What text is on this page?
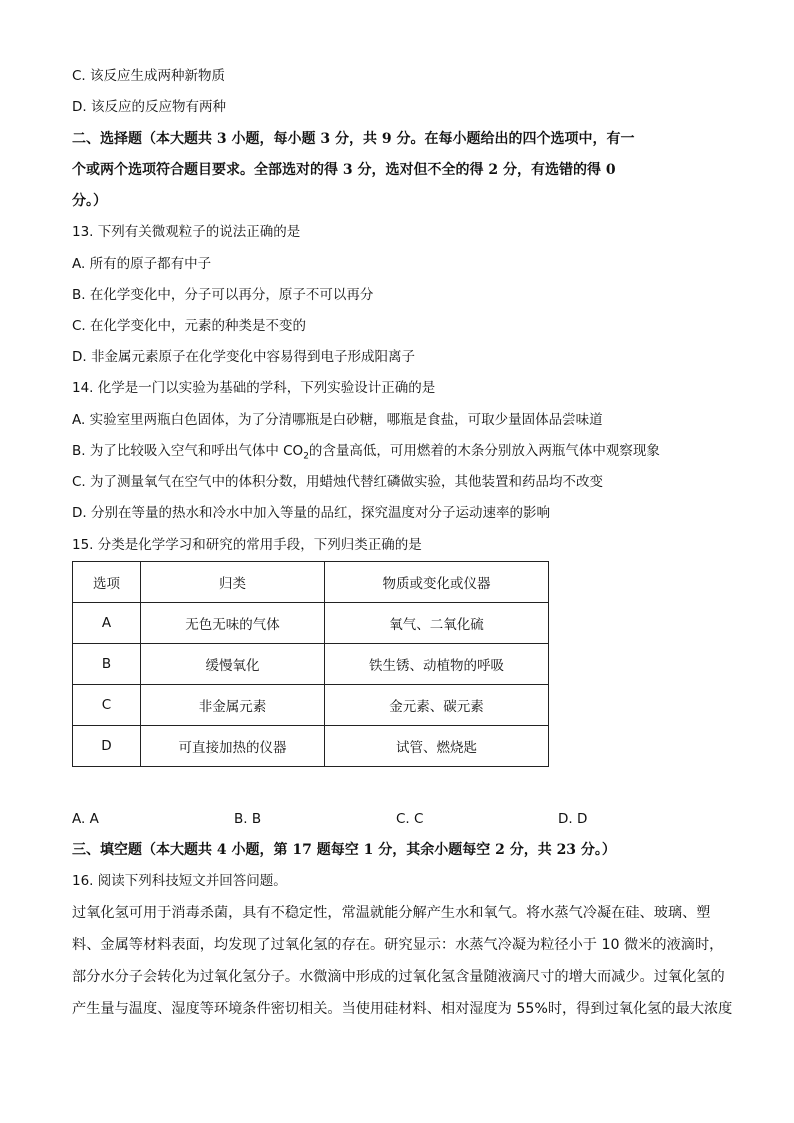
C. 该反应生成两种新物质
D. 该反应的反应物有两种
二、选择题（本大题共 3 小题，每小题 3 分，共 9 分。在每小题给出的四个选项中，有一
个或两个选项符合题目要求。全部选对的得 3 分，选对但不全的得 2 分，有选错的得 0
分。）
13. 下列有关微观粒子的说法正确的是
A. 所有的原子都有中子
B. 在化学变化中，分子可以再分，原子不可以再分
C. 在化学变化中，元素的种类是不变的
D. 非金属元素原子在化学变化中容易得到电子形成阳离子
14. 化学是一门以实验为基础的学科，下列实验设计正确的是
A. 实验室里两瓶白色固体，为了分清哪瓶是白砂糖，哪瓶是食盐，可取少量固体品尝味道
B. 为了比较吸入空气和呼出气体中 $CO_2$的含量高低，可用燃着的木条分别放入两瓶气体中观察现象
C. 为了测量氧气在空气中的体积分数，用蜡烛代替红磷做实验，其他装置和药品均不改变
D. 分别在等量的热水和冷水中加入等量的品红，探究温度对分子运动速率的影响
15. 分类是化学学习和研究的常用手段，下列归类正确的是
选项	归类	物质或变化或仪器
A	无色无味的气体	氧气、二氧化硫
B	缓慢氧化	铁生锈、动植物的呼吸
C	非金属元素	金元素、碳元素
D	可直接加热的仪器	试管、燃烧匙
A. A	B. B	C. C	D. D
三、填空题（本大题共 4 小题，第 17 题每空 1 分，其余小题每空 2 分，共 23 分。）
16. 阅读下列科技短文并回答问题。
过氧化氢可用于消毒杀菌，具有不稳定性，常温就能分解产生水和氧气。将水蒸气冷凝在硅、玻璃、塑
料、金属等材料表面，均发现了过氧化氢的存在。研究显示：水蒸气冷凝为粒径小于 10 微米的液滴时，
部分水分子会转化为过氧化氢分子。水微滴中形成的过氧化氢含量随液滴尺寸的增大而减少。过氧化氢的
产生量与温度、湿度等环境条件密切相关。当使用硅材料、相对湿度为 55%时，得到过氧化氢的最大浓度
